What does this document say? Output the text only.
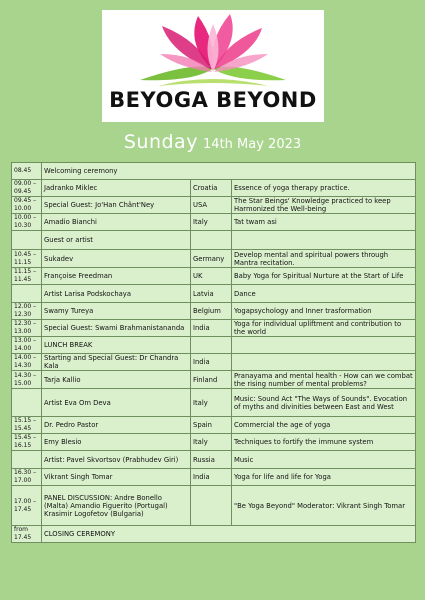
BEYOGA BEYOND
Sunday 14th May 2023
08.45	Welcoming ceremony		
09.00 – 09.45	Jadranko Miklec	Croatia	Essence of yoga therapy practice.
09.45 – 10.00	Special Guest: Jo'Han Chânt'Ney	USA	The Star Beings' Knowledge practiced to keep Harmonized the Well-being
10.00 – 10.30	Amadio Bianchi	Italy	Tat twam asi
	Guest or artist		
10.45 – 11.15	Sukadev	Germany	Develop mental and spiritual powers through Mantra recitation.
11.15 – 11.45	Françoise Freedman	UK	Baby Yoga for Spiritual Nurture at the Start of Life
	Artist Larisa Podskochaya	Latvia	Dance
12.00 – 12.30	Swamy Tureya	Belgium	Yogapsychology and Inner trasformation
12.30 – 13.00	Special Guest: Swami Brahmanistananda	India	Yoga for individual upliftment and contribution to the world
13.00 – 14.00	LUNCH BREAK		
14.00 – 14.30	Starting and Special Guest: Dr Chandra Kala	India	
14.30 – 15.00	Tarja Kallio	Finland	Pranayama and mental health - How can we combat the rising number of mental problems?
	Artist Eva Om Deva	Italy	Music: Sound Act "The Ways of Sounds". Evocation of myths and divinities between East and West
15.15 – 15.45	Dr. Pedro Pastor	Spain	Commercial the age of yoga
15.45 – 16.15	Emy Blesio	Italy	Techniques to fortify the immune system
	Artist: Pavel Skvortsov (Prabhudev Giri)	Russia	Music
16.30 – 17.00	Vikrant Singh Tomar	India	Yoga for life and life for Yoga
17.00 – 17.45	PANEL DISCUSSION: Andre Bonello (Malta) Amandio Figuerito (Portugal) Krasimir Logofetov (Bulgaria)		"Be Yoga Beyond" Moderator: Vikrant Singh Tomar
from 17.45	CLOSING CEREMONY		
